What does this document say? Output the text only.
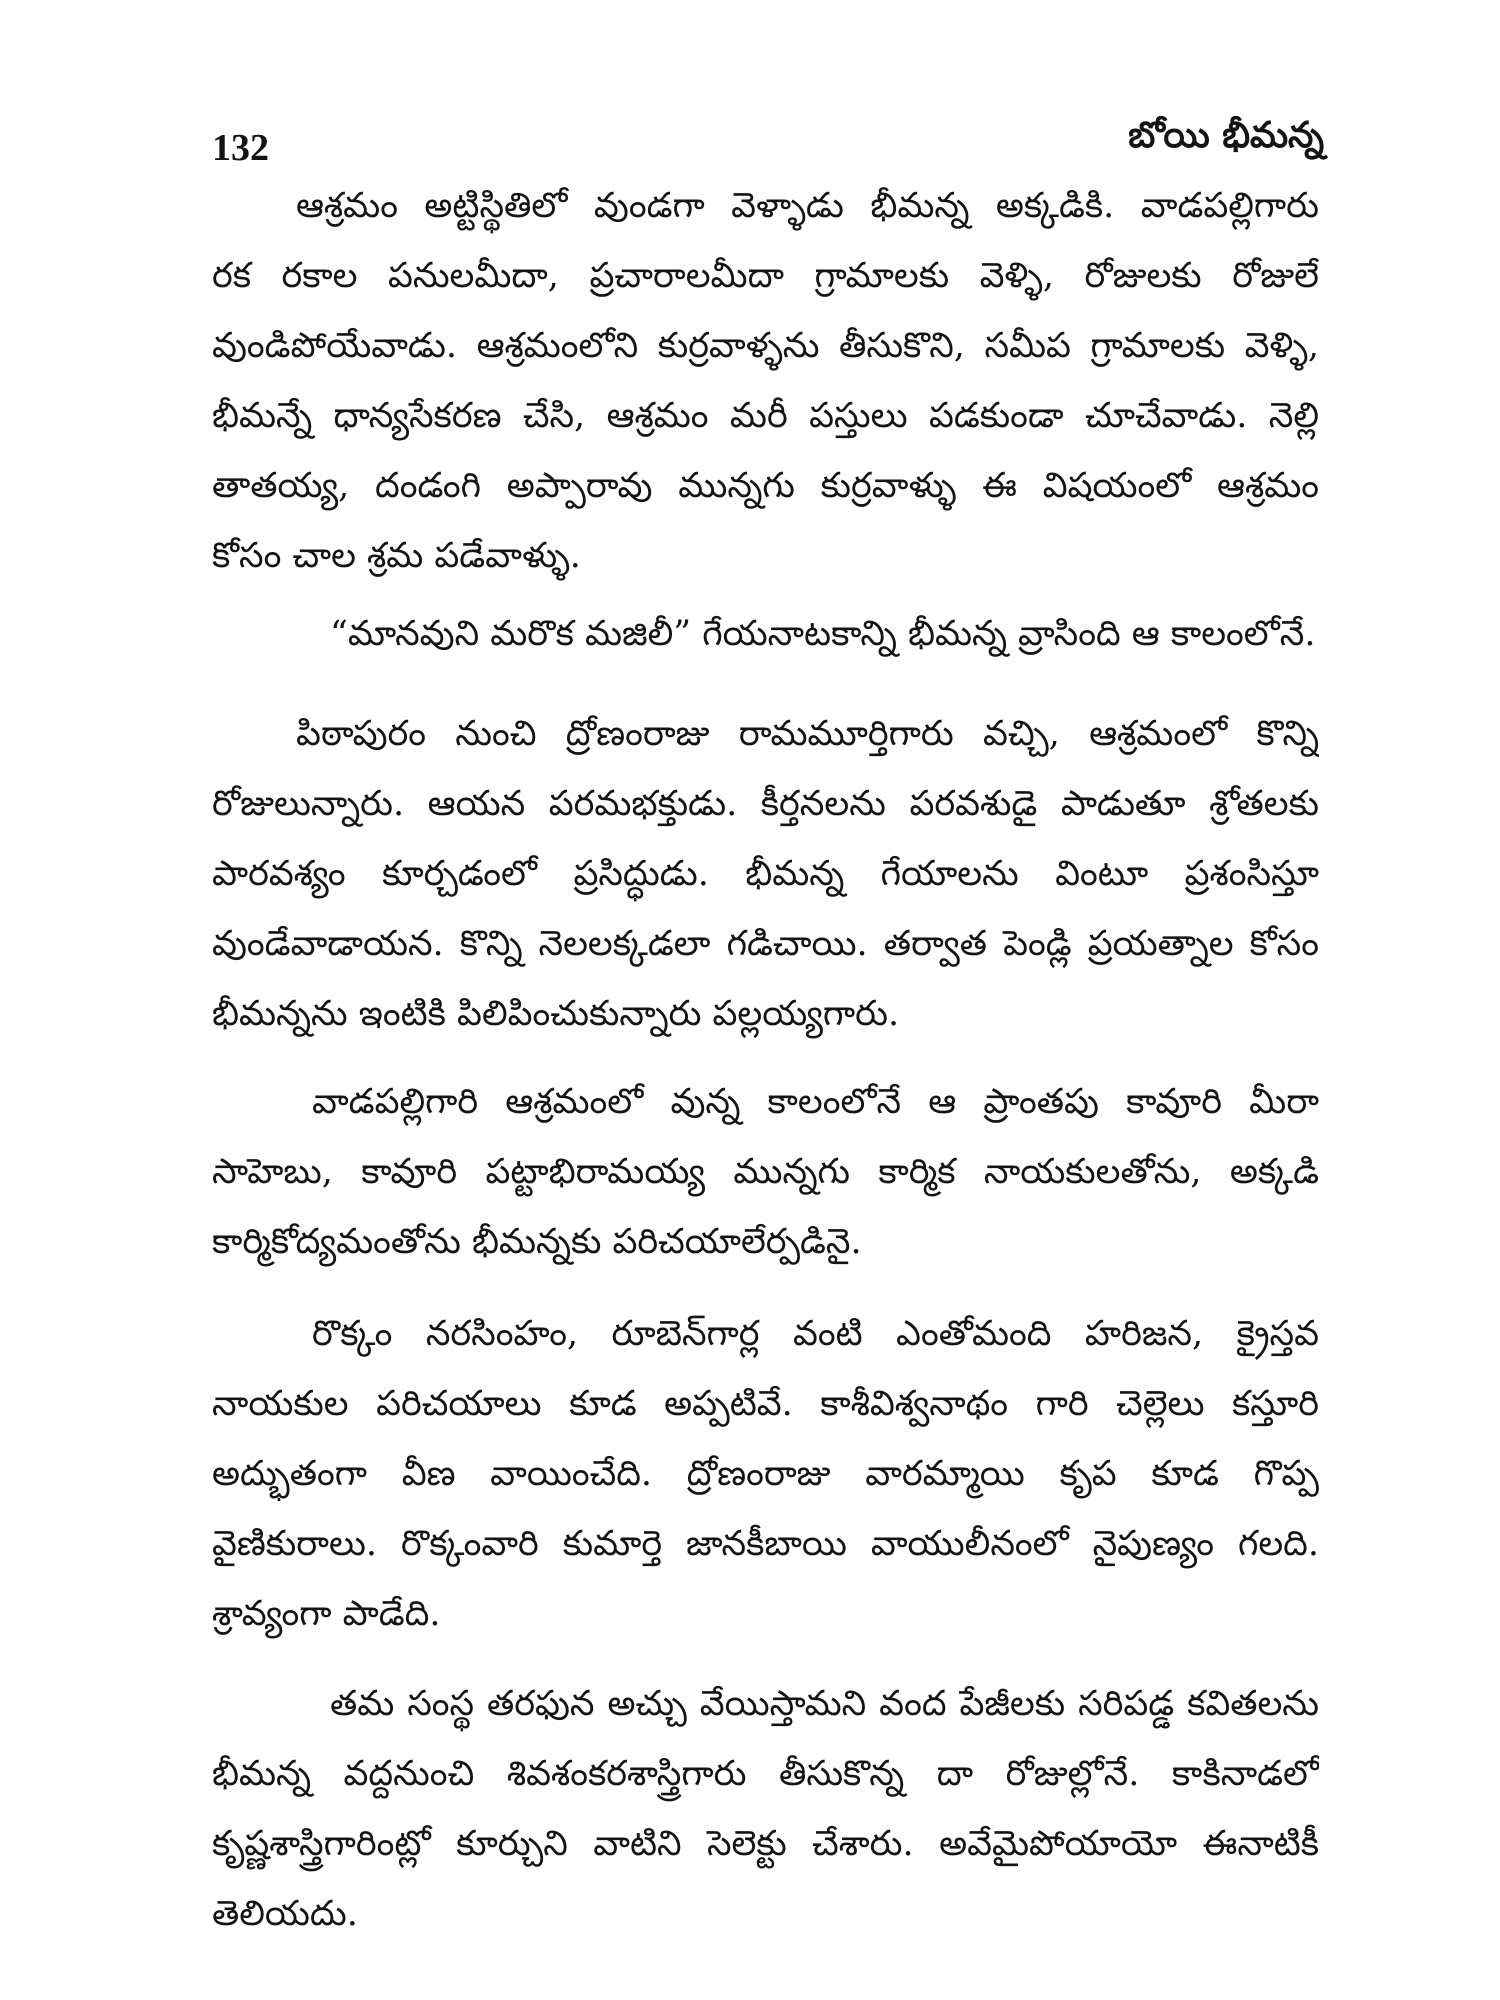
132	బోయి భీమన్న
ఆశ్రమం అట్టిస్థితిలో వుండగా వెళ్ళాడు భీమన్న అక్కడికి. వాడపల్లిగారు
రక రకాల పనులమీదా, ప్రచారాలమీదా గ్రామాలకు వెళ్ళి, రోజులకు రోజులే
వుండిపోయేవాడు. ఆశ్రమంలోని కుర్రవాళ్ళను తీసుకొని, సమీప గ్రామాలకు వెళ్ళి,
భీమన్నే ధాన్యసేకరణ చేసి, ఆశ్రమం మరీ పస్తులు పడకుండా చూచేవాడు. నెల్లి
తాతయ్య, దండంగి అప్పారావు మున్నగు కుర్రవాళ్ళు ఈ విషయంలో ఆశ్రమం
కోసం చాల శ్రమ పడేవాళ్ళు.
“మానవుని మరొక మజిలీ” గేయనాటకాన్ని భీమన్న వ్రాసింది ఆ కాలంలోనే.
పిఠాపురం నుంచి ద్రోణంరాజు రామమూర్తిగారు వచ్చి, ఆశ్రమంలో కొన్ని
రోజులున్నారు. ఆయన పరమభక్తుడు. కీర్తనలను పరవశుడై పాడుతూ శ్రోతలకు
పారవశ్యం కూర్చడంలో ప్రసిద్ధుడు. భీమన్న గేయాలను వింటూ ప్రశంసిస్తూ
వుండేవాడాయన. కొన్ని నెలలక్కడలా గడిచాయి. తర్వాత పెండ్లి ప్రయత్నాల కోసం
భీమన్నను ఇంటికి పిలిపించుకున్నారు పల్లయ్యగారు.
వాడపల్లిగారి ఆశ్రమంలో వున్న కాలంలోనే ఆ ప్రాంతపు కావూరి మీరా
సాహెబు, కావూరి పట్టాభిరామయ్య మున్నగు కార్మిక నాయకులతోను, అక్కడి
కార్మికోద్యమంతోను భీమన్నకు పరిచయాలేర్పడినై.
రొక్కం నరసింహం, రూబెన్‌గార్ల వంటి ఎంతోమంది హరిజన, క్రైస్తవ
నాయకుల పరిచయాలు కూడ అప్పటివే. కాశీవిశ్వనాథం గారి చెల్లెలు కస్తూరి
అద్భుతంగా వీణ వాయించేది. ద్రోణంరాజు వారమ్మాయి కృప కూడ గొప్ప
వైణికురాలు. రొక్కంవారి కుమార్తె జానకీబాయి వాయులీనంలో నైపుణ్యం గలది.
శ్రావ్యంగా పాడేది.
తమ సంస్థ తరఫున అచ్చు వేయిస్తామని వంద పేజీలకు సరిపడ్డ కవితలను
భీమన్న వద్దనుంచి శివశంకరశాస్త్రిగారు తీసుకొన్న దా రోజుల్లోనే. కాకినాడలో
కృష్ణశాస్త్రిగారింట్లో కూర్చుని వాటిని సెలెక్టు చేశారు. అవేమైపోయాయో ఈనాటికీ
తెలియదు.
